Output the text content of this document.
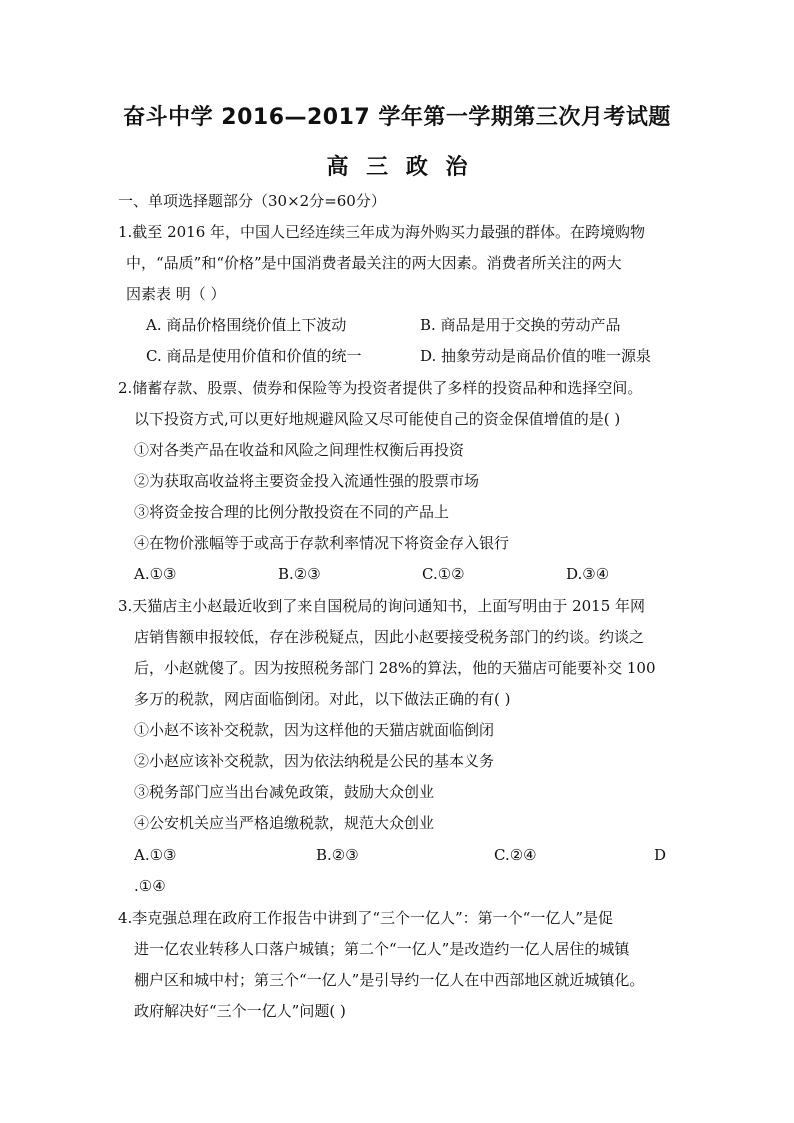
奋斗中学 2016—2017 学年第一学期第三次月考试题
高 三 政 治
一、单项选择题部分（30×2分=60分）
1.截至 2016 年，中国人已经连续三年成为海外购买力最强的群体。在跨境购物
中，“品质”和“价格”是中国消费者最关注的两大因素。消费者所关注的两大
因素表 明（ ）
A. 商品价格围绕价值上下波动	B. 商品是用于交换的劳动产品
C. 商品是使用价值和价值的统一	D. 抽象劳动是商品价值的唯一源泉
2.储蓄存款、股票、债券和保险等为投资者提供了多样的投资品种和选择空间。
以下投资方式,可以更好地规避风险又尽可能使自己的资金保值增值的是( )
①对各类产品在收益和风险之间理性权衡后再投资
②为获取高收益将主要资金投入流通性强的股票市场
③将资金按合理的比例分散投资在不同的产品上
④在物价涨幅等于或高于存款利率情况下将资金存入银行
A.①③	B.②③	C.①②	D.③④
3.天猫店主小赵最近收到了来自国税局的询问通知书，上面写明由于 2015 年网
店销售额申报较低，存在涉税疑点，因此小赵要接受税务部门的约谈。约谈之
后，小赵就傻了。因为按照税务部门 28%的算法，他的天猫店可能要补交 100
多万的税款，网店面临倒闭。对此，以下做法正确的有( )
①小赵不该补交税款，因为这样他的天猫店就面临倒闭
②小赵应该补交税款，因为依法纳税是公民的基本义务
③税务部门应当出台减免政策，鼓励大众创业
④公安机关应当严格追缴税款，规范大众创业
A.①③	B.②③	C.②④	D
.①④
4.李克强总理在政府工作报告中讲到了“三个一亿人”：第一个“一亿人”是促
进一亿农业转移人口落户城镇；第二个“一亿人”是改造约一亿人居住的城镇
棚户区和城中村；第三个“一亿人”是引导约一亿人在中西部地区就近城镇化。
政府解决好“三个一亿人”问题( )
